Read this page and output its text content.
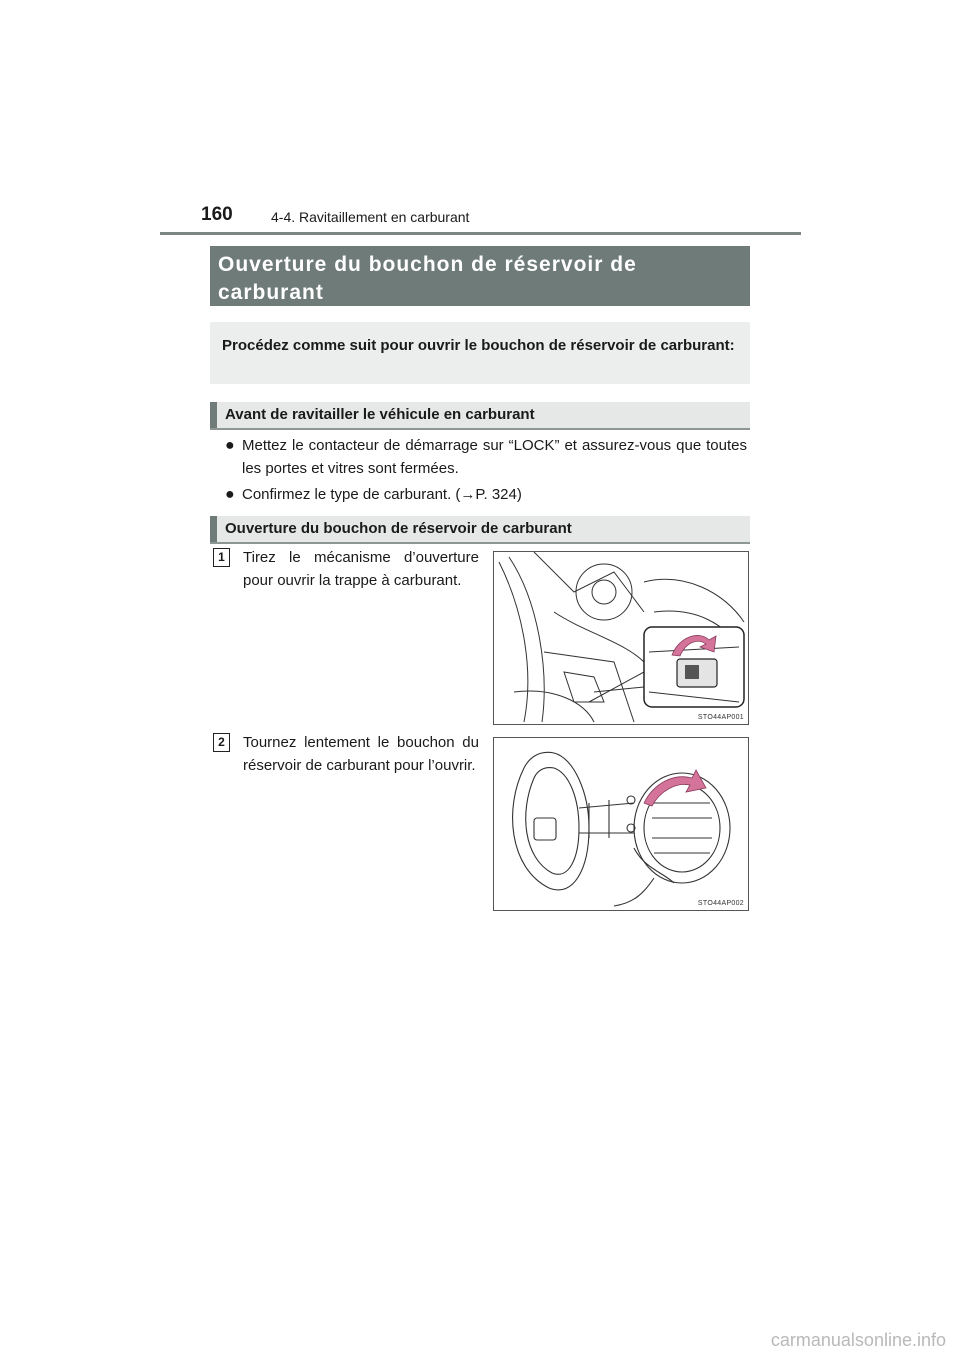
160	4-4. Ravitaillement en carburant
Ouverture du bouchon de réservoir de carburant
Procédez comme suit pour ouvrir le bouchon de réservoir de carburant:
Avant de ravitailler le véhicule en carburant
● Mettez le contacteur de démarrage sur “LOCK” et assurez-vous que toutes les portes et vitres sont fermées.
● Confirmez le type de carburant. (→P. 324)
Ouverture du bouchon de réservoir de carburant
1	Tirez le mécanisme d’ouverture pour ouvrir la trappe à carburant.
STO44AP001
2	Tournez lentement le bouchon du réservoir de carburant pour l’ouvrir.
STO44AP002
carmanualsonline.info
